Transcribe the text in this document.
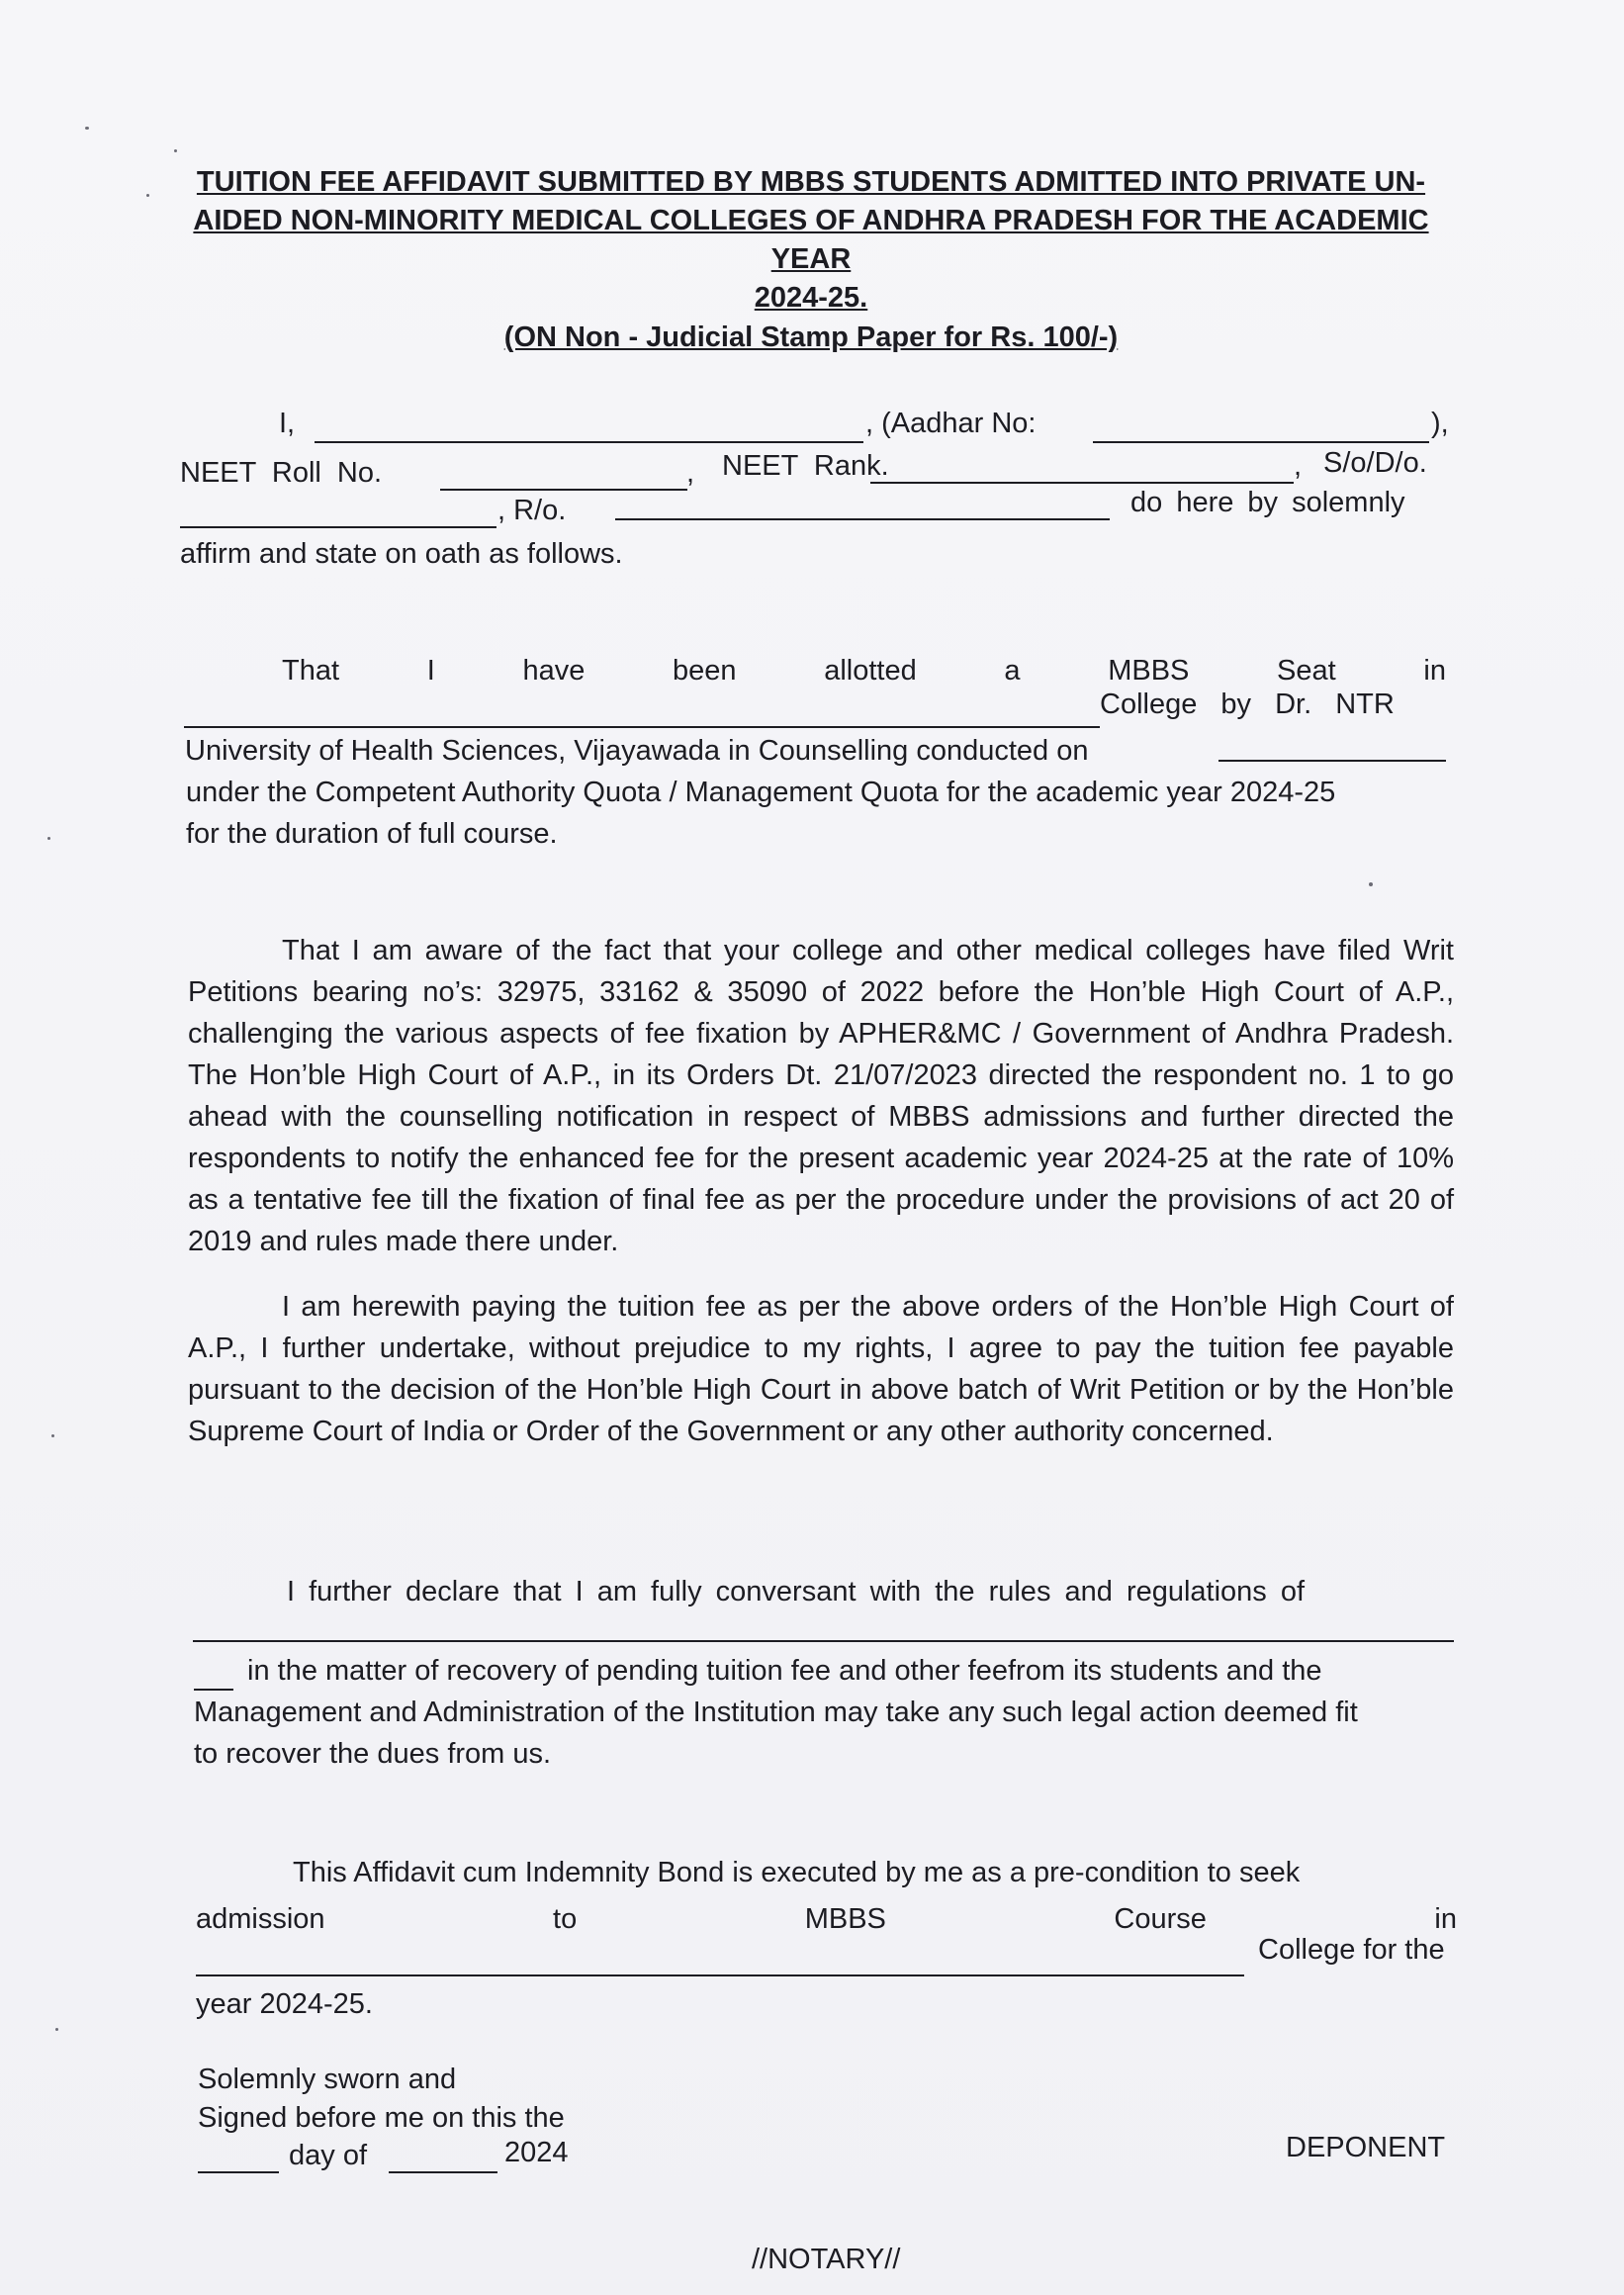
TUITION FEE AFFIDAVIT SUBMITTED BY MBBS STUDENTS ADMITTED INTO PRIVATE UN-
AIDED NON-MINORITY MEDICAL COLLEGES OF ANDHRA PRADESH FOR THE ACADEMIC YEAR
2024-25.
(ON Non - Judicial Stamp Paper for Rs. 100/-)
I,	, (Aadhar No:	),
NEET Roll No.	, NEET Rank.	, S/o/D/o.
, R/o.	do here by solemnly
affirm and state on oath as follows.
That	I	have	been	allotted	a	MBBS	Seat	in
College by Dr. NTR
University of Health Sciences, Vijayawada in Counselling conducted on
under the Competent Authority Quota / Management Quota for the academic year 2024-25
for the duration of full course.
That I am aware of the fact that your college and other medical colleges have filed Writ Petitions bearing no’s: 32975, 33162 & 35090 of 2022 before the Hon’ble High Court of A.P., challenging the various aspects of fee fixation by APHER&MC / Government of Andhra Pradesh. The Hon’ble High Court of A.P., in its Orders Dt. 21/07/2023 directed the respondent no. 1 to go ahead with the counselling notification in respect of MBBS admissions and further directed the respondents to notify the enhanced fee for the present academic year 2024-25 at the rate of 10% as a tentative fee till the fixation of final fee as per the procedure under the provisions of act 20 of 2019 and rules made there under.
I am herewith paying the tuition fee as per the above orders of the Hon’ble High Court of A.P., I further undertake, without prejudice to my rights, I agree to pay the tuition fee payable pursuant to the decision of the Hon’ble High Court in above batch of Writ Petition or by the Hon’ble Supreme Court of India or Order of the Government or any other authority concerned.
I further declare that I am fully conversant with the rules and regulations of
in the matter of recovery of pending tuition fee and other feefrom its students and the
Management and Administration of the Institution may take any such legal action deemed fit
to recover the dues from us.
This Affidavit cum Indemnity Bond is executed by me as a pre-condition to seek
admission	to	MBBS	Course	in
College for the
year 2024-25.
Solemnly sworn and
Signed before me on this the
day of	2024	DEPONENT
//NOTARY//
